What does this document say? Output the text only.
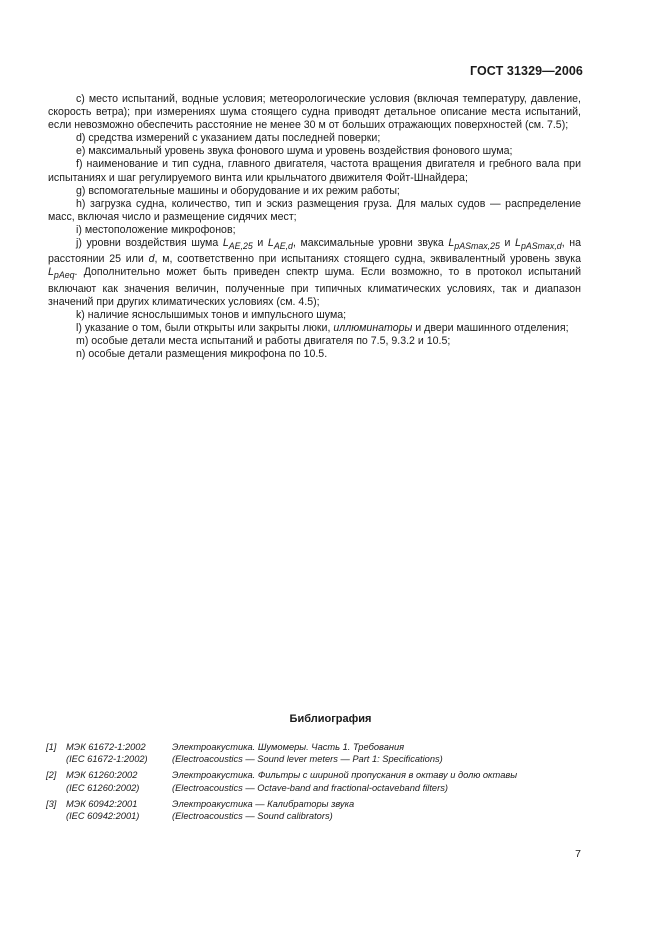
ГОСТ 31329—2006

c) место испытаний, водные условия; метеорологические условия (включая температуру, давление, скорость ветра); при измерениях шума стоящего судна приводят детальное описание места испытаний, если невозможно обеспечить расстояние не менее 30 м от больших отражающих поверхностей (см. 7.5);

d) средства измерений с указанием даты последней поверки;

e) максимальный уровень звука фонового шума и уровень воздействия фонового шума;

f) наименование и тип судна, главного двигателя, частота вращения двигателя и гребного вала при испытаниях и шаг регулируемого винта или крыльчатого движителя Фойт-Шнайдера;

g) вспомогательные машины и оборудование и их режим работы;

h) загрузка судна, количество, тип и эскиз размещения груза. Для малых судов — распределение масс, включая число и размещение сидячих мест;

i) местоположение микрофонов;

j) уровни воздействия шума $L_{AE,25}$ и $L_{AE,d}$, максимальные уровни звука $L_{pASmax,25}$ и $L_{pASmax,d}$, на расстоянии 25 или d, м, соответственно при испытаниях стоящего судна, эквивалентный уровень звука $L_{pAeq}$. Дополнительно может быть приведен спектр шума. Если возможно, то в протокол испытаний включают как значения величин, полученные при типичных климатических условиях, так и диапазон значений при других климатических условиях (см. 4.5);

k) наличие яснослышимых тонов и импульсного шума;

l) указание о том, были открыты или закрыты люки, иллюминаторы и двери машинного отделения;

m) особые детали места испытаний и работы двигателя по 7.5, 9.3.2 и 10.5;

n) особые детали размещения микрофона по 10.5.

Библиография
[1]	МЭК 61672-1:2002
(IEC 61672-1:2002)
Электроакустика. Шумомеры. Часть 1. Требования
(Electroacoustics — Sound lever meters — Part 1: Specifications)
[2]	МЭК 61260:2002
(IEC 61260:2002)
Электроакустика. Фильтры с шириной пропускания в октаву и долю октавы
(Electroacoustics — Octave-band and fractional-octaveband filters)
[3]	МЭК 60942:2001
(IEC 60942:2001)
Электроакустика — Калибраторы звука
(Electroacoustics — Sound calibrators)
7
